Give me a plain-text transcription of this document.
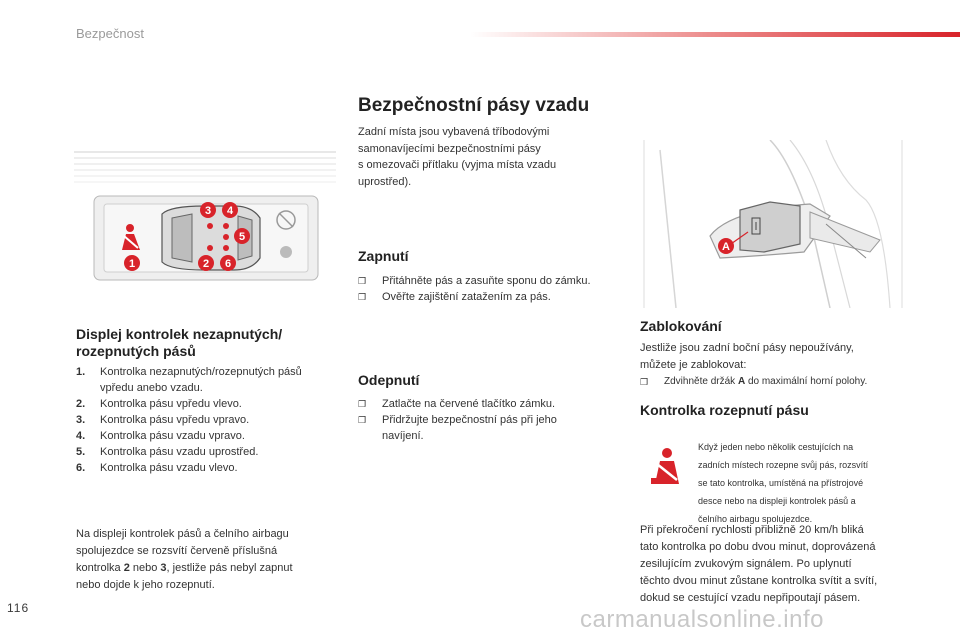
Bezpečnost
3 4
5
1	2 6
Displej kontrolek nezapnutých/
rozepnutých pásů
1. Kontrolka nezapnutých/rozepnutých pásů
vpředu anebo vzadu.
2. Kontrolka pásu vpředu vlevo.
3. Kontrolka pásu vpředu vpravo.
4. Kontrolka pásu vzadu vpravo.
5. Kontrolka pásu vzadu uprostřed.
6. Kontrolka pásu vzadu vlevo.
Na displeji kontrolek pásů a čelního airbagu
spolujezdce se rozsvítí červeně příslušná
kontrolka 2 nebo 3, jestliže pás nebyl zapnut
nebo dojde k jeho rozepnutí.
Bezpečnostní pásy vzadu
Zadní místa jsou vybavená tříbodovými
samonavíjecími bezpečnostními pásy
s omezovači přítlaku (vyjma místa vzadu
uprostřed).
Zapnutí
❒ Přitáhněte pás a zasuňte sponu do zámku.
❒ Ověřte zajištění zatažením za pás.
Odepnutí
❒ Zatlačte na červené tlačítko zámku.
❒ Přidržujte bezpečnostní pás při jeho
navíjení.
A
Zablokování
Jestliže jsou zadní boční pásy nepoužívány,
můžete je zablokovat:
❒ Zdvihněte držák A do maximální horní polohy.
Kontrolka rozepnutí pásu
Když jeden nebo několik cestujících na
zadních místech rozepne svůj pás, rozsvítí
se tato kontrolka, umístěná na přístrojové
desce nebo na displeji kontrolek pásů a
čelního airbagu spolujezdce.
Při překročení rychlosti přibližně 20 km/h bliká
tato kontrolka po dobu dvou minut, doprovázená
zesilujícím zvukovým signálem. Po uplynutí
těchto dvou minut zůstane kontrolka svítit a svítí,
dokud se cestující vzadu nepřipoutají pásem.
116	carmanualsonline.info
